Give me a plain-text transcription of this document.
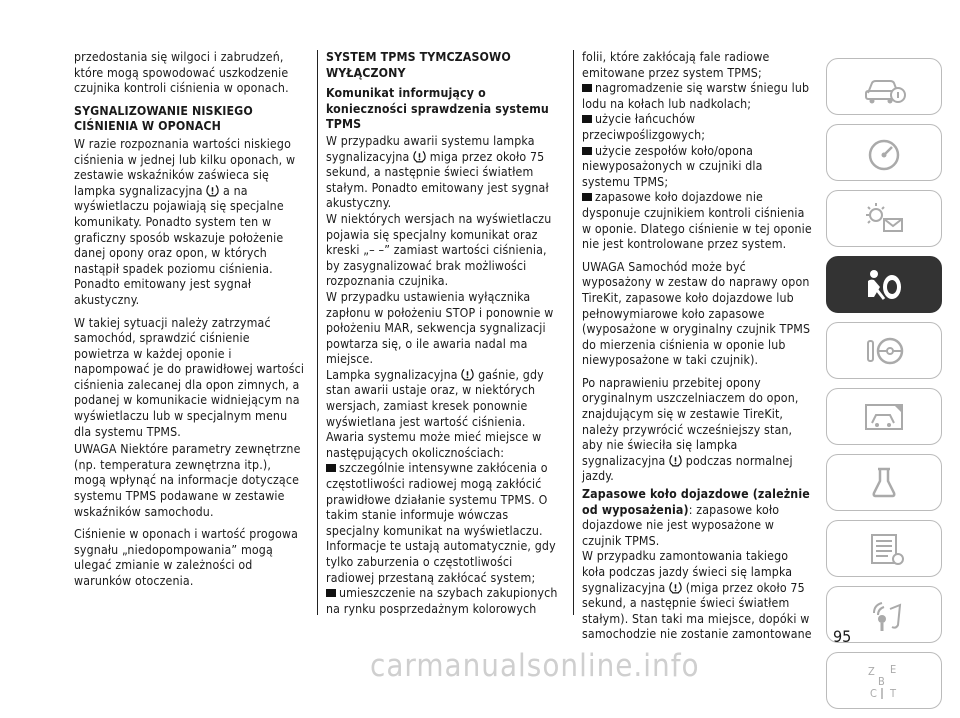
przedostania się wilgoci i zabrudzeń, które mogą spowodować uszkodzenie czujnika kontroli ciśnienia w oponach.

SYGNALIZOWANIE NISKIEGO CIŚNIENIA W OPONACH

W razie rozpoznania wartości niskiego ciśnienia w jednej lub kilku oponach, w zestawie wskaźników zaświeca się lampka sygnalizacyjna a na wyświetlaczu pojawiają się specjalne komunikaty. Ponadto system ten w graficzny sposób wskazuje położenie danej opony oraz opon, w których nastąpił spadek poziomu ciśnienia. Ponadto emitowany jest sygnał akustyczny.

W takiej sytuacji należy zatrzymać samochód, sprawdzić ciśnienie powietrza w każdej oponie i napompować je do prawidłowej wartości ciśnienia zalecanej dla opon zimnych, a podanej w komunikacie widniejącym na wyświetlaczu lub w specjalnym menu dla systemu TPMS.

UWAGA Niektóre parametry zewnętrzne (np. temperatura zewnętrzna itp.), mogą wpłynąć na informacje dotyczące systemu TPMS podawane w zestawie wskaźników samochodu.

Ciśnienie w oponach i wartość progowa sygnału „niedopompowania” mogą ulegać zmianie w zależności od warunków otoczenia.

SYSTEM TPMS TYMCZASOWO WYŁĄCZONY
Komunikat informujący o konieczności sprawdzenia systemu TPMS

W przypadku awarii systemu lampka sygnalizacyjna miga przez około 75 sekund, a następnie świeci światłem stałym. Ponadto emitowany jest sygnał akustyczny.

W niektórych wersjach na wyświetlaczu pojawia się specjalny komunikat oraz kreski „– –” zamiast wartości ciśnienia, by zasygnalizować brak możliwości rozpoznania czujnika.

W przypadku ustawienia wyłącznika zapłonu w położeniu STOP i ponownie w położeniu MAR, sekwencja sygnalizacji powtarza się, o ile awaria nadal ma miejsce.

Lampka sygnalizacyjna gaśnie, gdy stan awarii ustaje oraz, w niektórych wersjach, zamiast kresek ponownie wyświetlana jest wartość ciśnienia.

Awaria systemu może mieć miejsce w następujących okolicznościach:

szczególnie intensywne zakłócenia o częstotliwości radiowej mogą zakłócić prawidłowe działanie systemu TPMS. O takim stanie informuje wówczas specjalny komunikat na wyświetlaczu. Informacje te ustają automatycznie, gdy tylko zaburzenia o częstotliwości radiowej przestaną zakłócać system;

umieszczenie na szybach zakupionych na rynku posprzedażnym kolorowych

folii, które zakłócają fale radiowe emitowane przez system TPMS;

nagromadzenie się warstw śniegu lub lodu na kołach lub nadkolach;

użycie łańcuchów przeciwpoślizgowych;

użycie zespołów koło/opona niewyposażonych w czujniki dla systemu TPMS;

zapasowe koło dojazdowe nie dysponuje czujnikiem kontroli ciśnienia w oponie. Dlatego ciśnienie w tej oponie nie jest kontrolowane przez system.

UWAGA Samochód może być wyposażony w zestaw do naprawy opon TireKit, zapasowe koło dojazdowe lub pełnowymiarowe koło zapasowe (wyposażone w oryginalny czujnik TPMS do mierzenia ciśnienia w oponie lub niewyposażone w taki czujnik).

Po naprawieniu przebitej opony oryginalnym uszczelniaczem do opon, znajdującym się w zestawie TireKit, należy przywrócić wcześniejszy stan, aby nie świeciła się lampka sygnalizacyjna podczas normalnej jazdy.

Zapasowe koło dojazdowe (zależnie od wyposażenia): zapasowe koło dojazdowe nie jest wyposażone w czujnik TPMS.

W przypadku zamontowania takiego koła podczas jazdy świeci się lampka sygnalizacyjna (miga przez około 75 sekund, a następnie świeci światłem stałym). Stan taki ma miejsce, dopóki w samochodzie nie zostanie zamontowane

Z E
B
C T
95
carmanualsonline.info
